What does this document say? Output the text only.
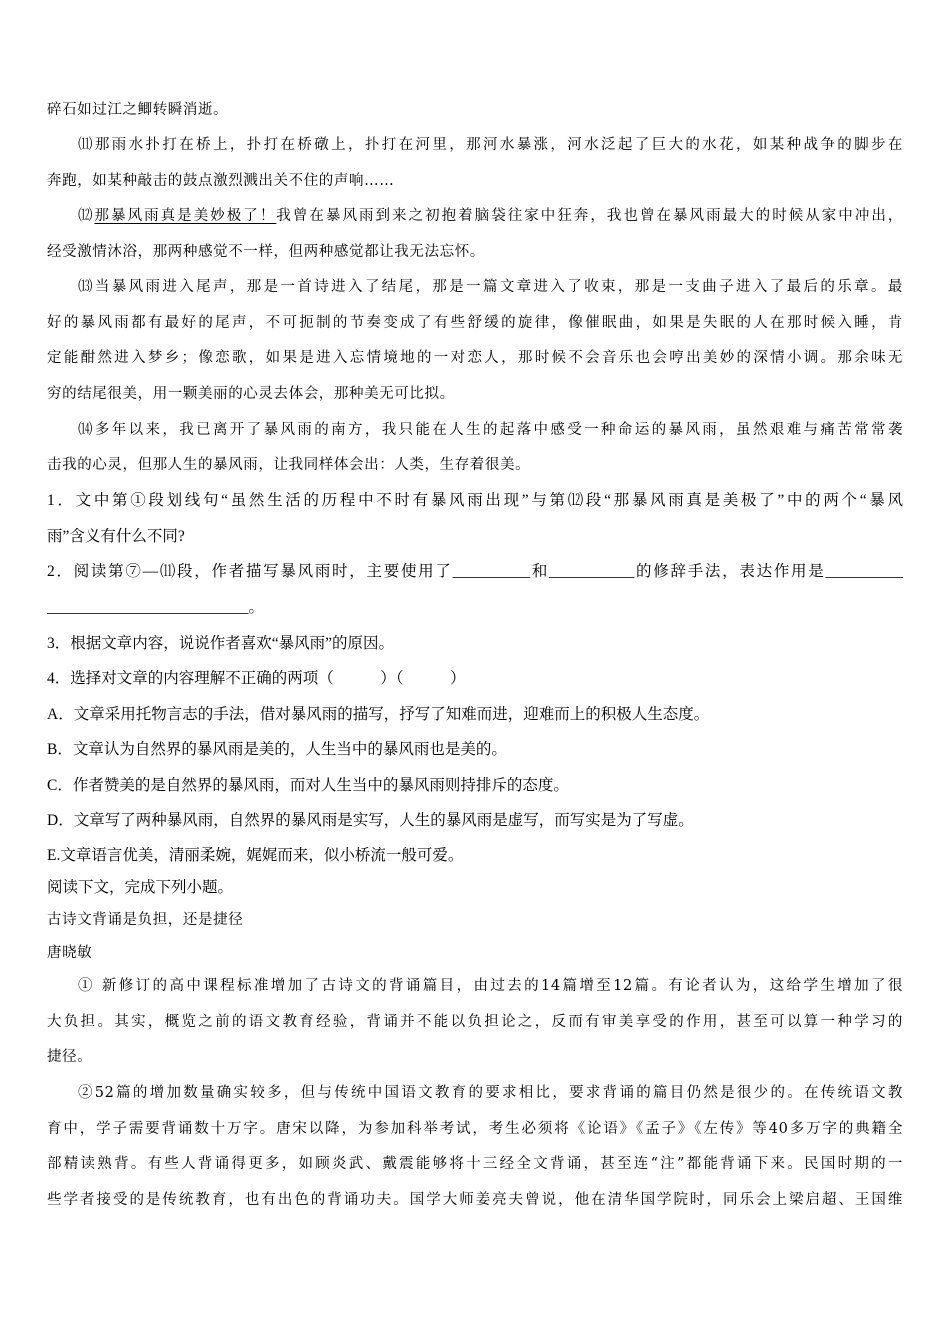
碎石如过江之鲫转瞬消逝。
⑾那雨水扑打在桥上，扑打在桥礅上，扑打在河里，那河水暴涨，河水泛起了巨大的水花，如某种战争的脚步在
奔跑，如某种敲击的鼓点激烈溅出关不住的声响……
⑿那暴风雨真是美妙极了！我曾在暴风雨到来之初抱着脑袋往家中狂奔，我也曾在暴风雨最大的时候从家中冲出，
经受激情沐浴，那两种感觉不一样，但两种感觉都让我无法忘怀。
⒀当暴风雨进入尾声，那是一首诗进入了结尾，那是一篇文章进入了收束，那是一支曲子进入了最后的乐章。最
好的暴风雨都有最好的尾声，不可扼制的节奏变成了有些舒缓的旋律，像催眠曲，如果是失眠的人在那时候入睡，肯
定能酣然进入梦乡；像恋歌，如果是进入忘情境地的一对恋人，那时候不会音乐也会哼出美妙的深情小调。那余味无
穷的结尾很美，用一颗美丽的心灵去体会，那种美无可比拟。
⒁多年以来，我已离开了暴风雨的南方，我只能在人生的起落中感受一种命运的暴风雨，虽然艰难与痛苦常常袭
击我的心灵，但那人生的暴风雨，让我同样体会出：人类，生存着很美。
1．文中第①段划线句“虽然生活的历程中不时有暴风雨出现”与第⑿段“那暴风雨真是美极了”中的两个“暴风
雨”含义有什么不同?
2．阅读第⑦—⑾段，作者描写暴风雨时，主要使用了__________和___________的修辞手法，表达作用是__________
__________________________。
3．根据文章内容，说说作者喜欢“暴风雨”的原因。
4．选择对文章的内容理解不正确的两项（　　　）（　　　）
A．文章采用托物言志的手法，借对暴风雨的描写，抒写了知难而进，迎难而上的积极人生态度。
B．文章认为自然界的暴风雨是美的，人生当中的暴风雨也是美的。
C．作者赞美的是自然界的暴风雨，而对人生当中的暴风雨则持排斥的态度。
D．文章写了两种暴风雨，自然界的暴风雨是实写，人生的暴风雨是虚写，而写实是为了写虚。
E.文章语言优美，清丽柔婉，娓娓而来，似小桥流一般可爱。
阅读下文，完成下列小题。
古诗文背诵是负担，还是捷径
唐晓敏
① 新修订的高中课程标准增加了古诗文的背诵篇目，由过去的14篇增至12篇。有论者认为，这给学生增加了很
大负担。其实，概览之前的语文教育经验，背诵并不能以负担论之，反而有审美享受的作用，甚至可以算一种学习的
捷径。
②52篇的增加数量确实较多，但与传统中国语文教育的要求相比，要求背诵的篇目仍然是很少的。在传统语文教
育中，学子需要背诵数十万字。唐宋以降，为参加科举考试，考生必须将《论语》《孟子》《左传》等40多万字的典籍全
部精读熟背。有些人背诵得更多，如顾炎武、戴震能够将十三经全文背诵，甚至连“注”都能背诵下来。民国时期的一
些学者接受的是传统教育，也有出色的背诵功夫。国学大师姜亮夫曾说，他在清华国学院时，同乐会上梁启超、王国维
